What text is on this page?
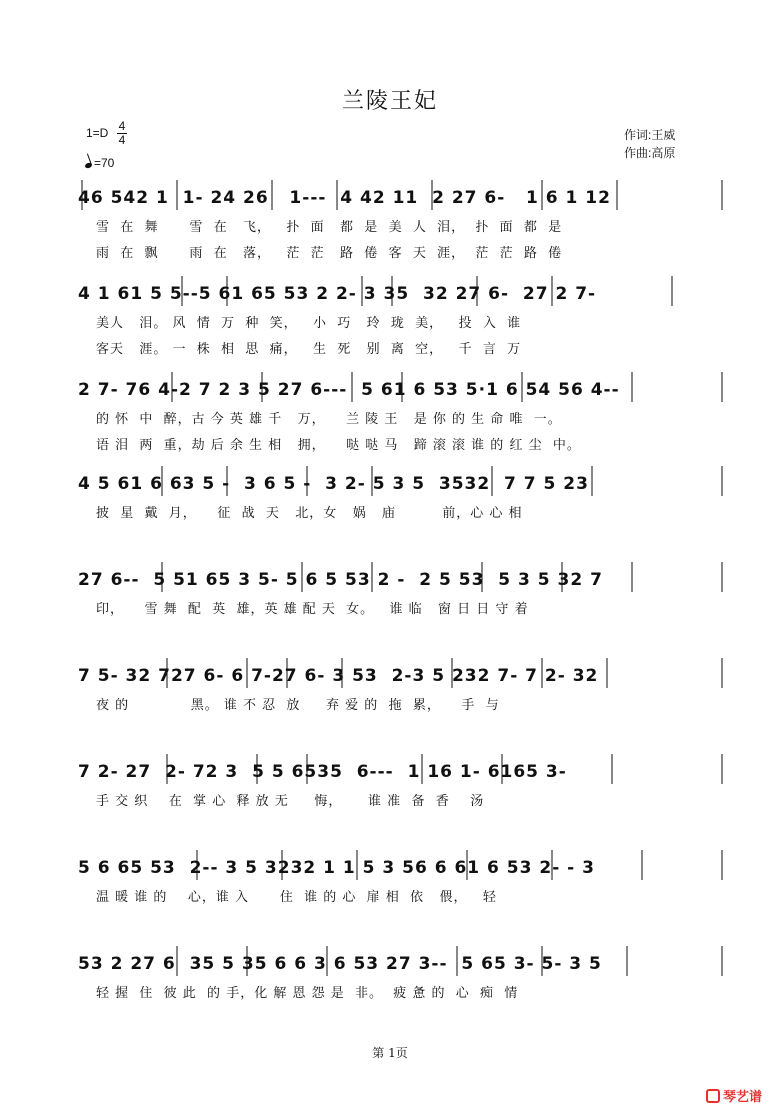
兰陵王妃
1=D 4
4
=70
作词:王威
作曲:高原
46 542 1  1- 24 26   1---  4 42 11  2 27 6-   1 6 1 12
雪  在  舞      雪  在   飞，   扑  面   都  是  美  人  泪，  扑  面  都  是
雨  在  飘      雨  在   落，   茫  茫   路  倦  客  天  涯，  茫  茫  路  倦
4 1 61 5 5--5 61 65 53 2 2- 3 35  32 27 6-  27 2 7-
美人   泪。 风  情  万  种  笑，   小  巧   玲  珑  美，   投  入  谁
客天   涯。 一  株  相  思  痛，   生  死   别  离  空，   千  言  万
2 7- 76 4-2 7 2 3 5 27 6---  5 61 6 53 5·1 6 54 56 4--
的 怀  中  醉，古 今 英 雄 千   万，    兰 陵 王   是 你 的 生 命 唯  一。
语 泪  两  重，劫 后 余 生 相   拥，    哒 哒 马   蹄 滚 滚 谁 的 红 尘  中。
4 5 61 6 63 5 -  3 6 5 -  3 2- 5 3 5  3532  7 7 5 23
披  星  戴  月，    征  战  天   北，女   娲   庙         前，心 心 相
27 6--  5 51 65 3 5- 5 6 5 53 2 -  2 5 53  5 3 5 32 7
印，    雪 舞  配  英  雄，英 雄 配 天  女。   谁 临   窗 日 日 守 着
7 5- 32 727 6- 6 7-27 6- 3 53  2-3 5 232 7- 7 2- 32
夜 的            黑。 谁 不 忍  放     弃 爱 的  拖  累，    手  与
7 2- 27  2- 72 3  5 5 6535  6---  1 16 1- 6165 3-
手 交 织    在  掌 心  释 放 无     悔，     谁 准  备  香    汤
5 6 65 53  2-- 3 5 3232 1 1 5 3 56 6 61 6 53 2- - 3
温 暖 谁 的    心，谁 入      住  谁 的 心  扉 相  依   偎，   轻
53 2 27 6  35 5 35 6 6 3 6 53 27 3--  5 65 3- 5- 3 5
轻 握  住  彼 此  的 手，化 解 恩 怨 是  非。  疲 惫 的  心  痴  情
第 1页
琴艺谱
